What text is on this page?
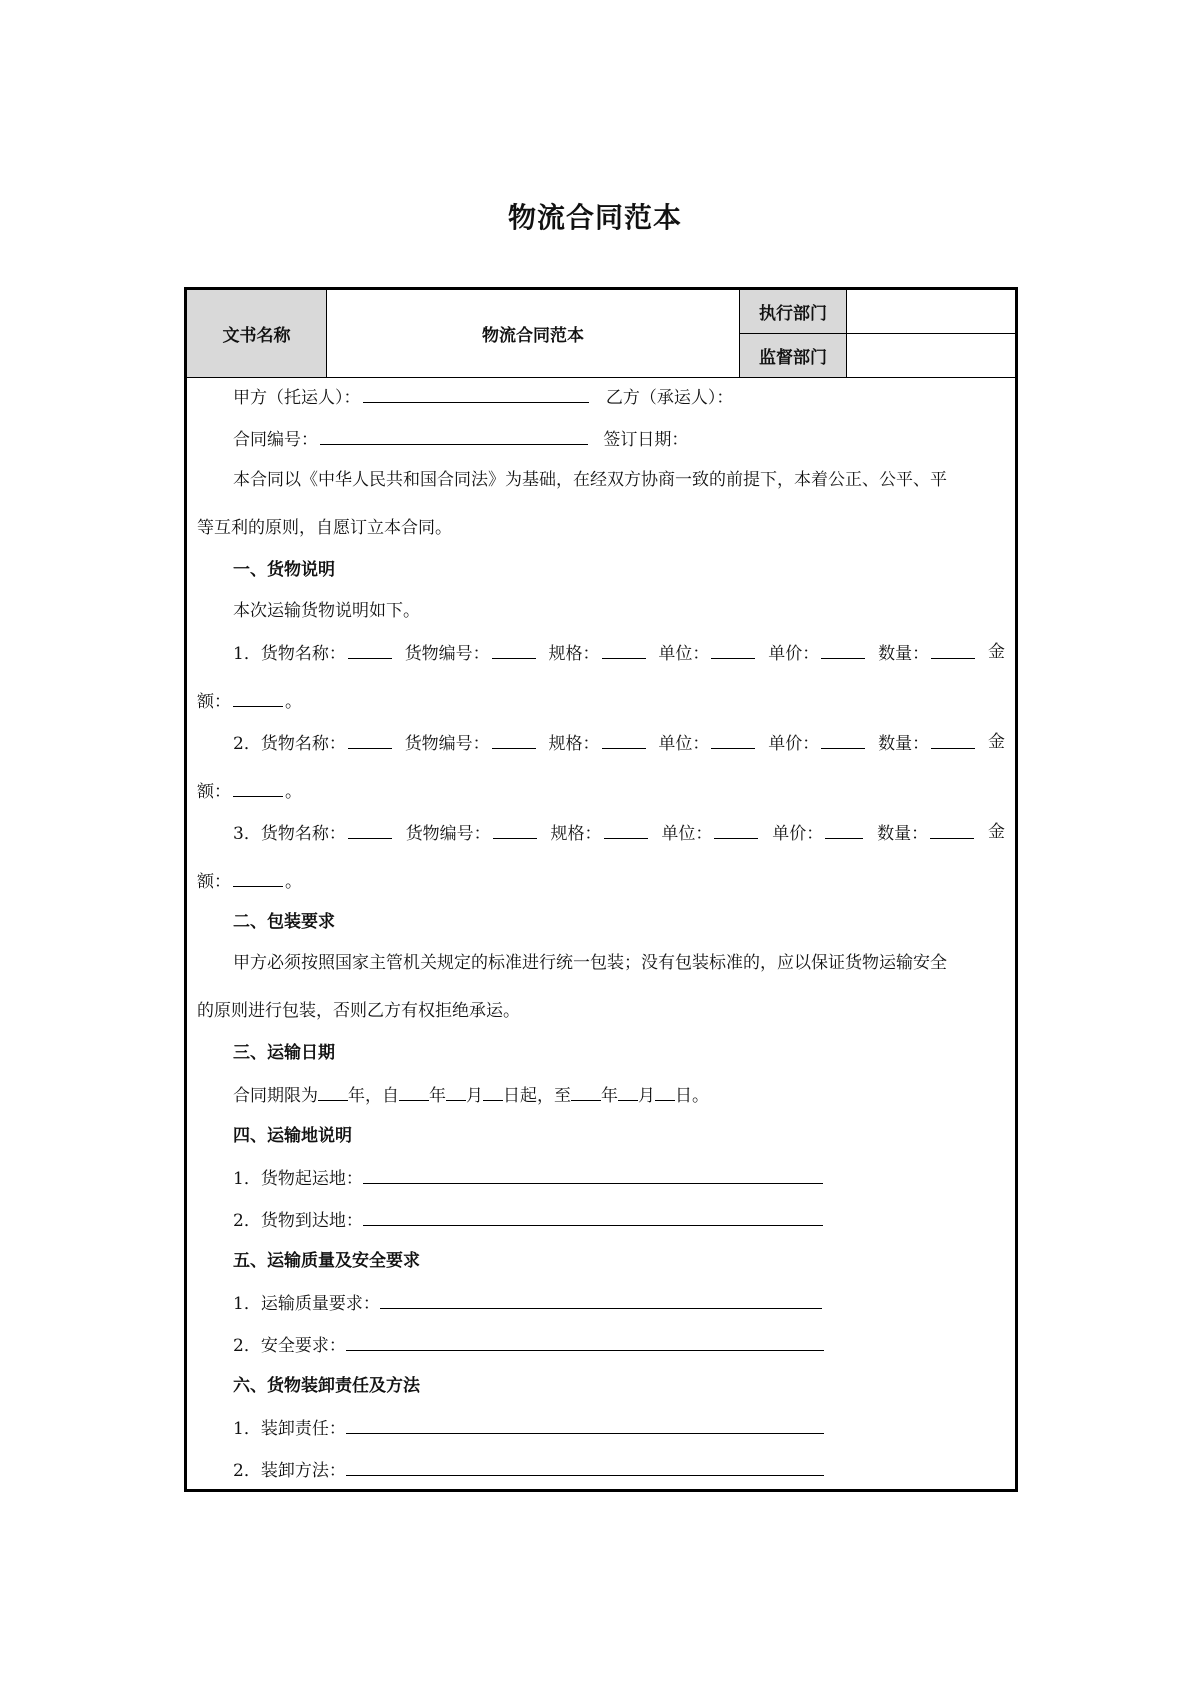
物流合同范本
文书名称	物流合同范本
执行部门
监督部门
甲方（托运人）：	乙方（承运人）：
合同编号：	签订日期：
本合同以《中华人民共和国合同法》为基础，在经双方协商一致的前提下，本着公正、公平、平
等互利的原则，自愿订立本合同。
一、货物说明
本次运输货物说明如下。
1．货物名称：	货物编号：	规格：	单位：	单价：	数量：	金
额：	。
2．货物名称：	货物编号：	规格：	单位：	单价：	数量：	金
额：	。
3．货物名称：	货物编号：	规格：	单位：	单价：	数量：	金
额：	。
二、包装要求
甲方必须按照国家主管机关规定的标准进行统一包装；没有包装标准的，应以保证货物运输安全
的原则进行包装，否则乙方有权拒绝承运。
三、运输日期
合同期限为 年，自 年 月 日起，至 年 月 日。
四、运输地说明
1．货物起运地：
2．货物到达地：
五、运输质量及安全要求
1．运输质量要求：
2．安全要求：
六、货物装卸责任及方法
1．装卸责任：
2．装卸方法：
